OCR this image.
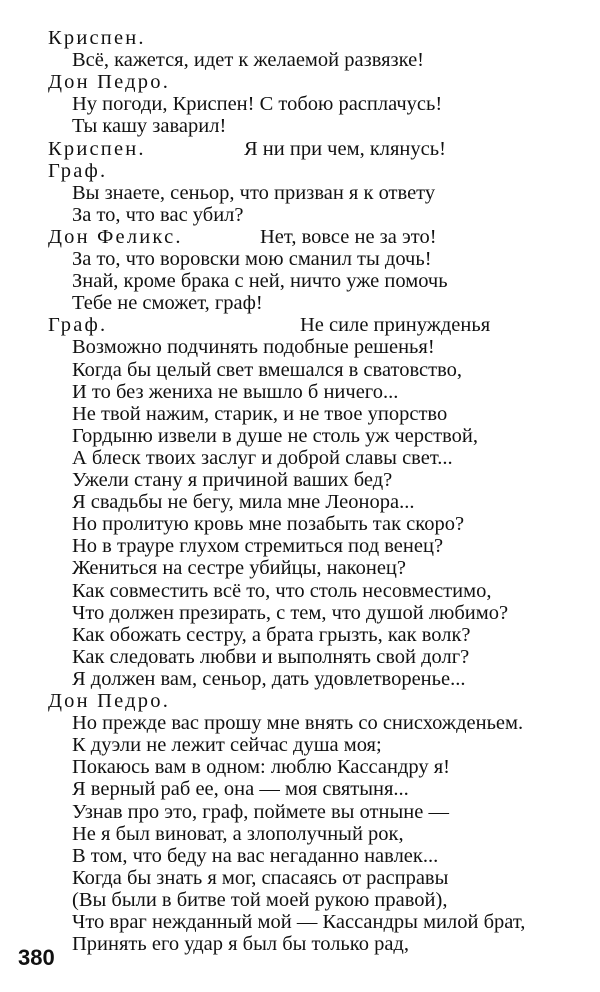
Криспен.
Всё, кажется, идет к желаемой развязке!
Дон Педро.
Ну погоди, Криспен! С тобою расплачусь!
Ты кашу заварил!
Криспен.	Я ни при чем, клянусь!
Граф.
Вы знаете, сеньор, что призван я к ответу
За то, что вас убил?
Дон Феликс.	Нет, вовсе не за это!
За то, что воровски мою сманил ты дочь!
Знай, кроме брака с ней, ничто уже помочь
Тебе не сможет, граф!
Граф.	Не силе принужденья
Возможно подчинять подобные решенья!
Когда бы целый свет вмешался в сватовство,
И то без жениха не вышло б ничего...
Не твой нажим, старик, и не твое упорство
Гордыню извели в душе не столь уж черствой,
А блеск твоих заслуг и доброй славы свет...
Ужели стану я причиной ваших бед?
Я свадьбы не бегу, мила мне Леонора...
Но пролитую кровь мне позабыть так скоро?
Но в трауре глухом стремиться под венец?
Жениться на сестре убийцы, наконец?
Как совместить всё то, что столь несовместимо,
Что должен презирать, с тем, что душой любимо?
Как обожать сестру, а брата грызть, как волк?
Как следовать любви и выполнять свой долг?
Я должен вам, сеньор, дать удовлетворенье...
Дон Педро.
Но прежде вас прошу мне внять со снисхожденьем.
К дуэли не лежит сейчас душа моя;
Покаюсь вам в одном: люблю Кассандру я!
Я верный раб ее, она — моя святыня...
Узнав про это, граф, поймете вы отныне —
Не я был виноват, а злополучный рок,
В том, что беду на вас негаданно навлек...
Когда бы знать я мог, спасаясь от расправы
(Вы были в битве той моей рукою правой),
Что враг нежданный мой — Кассандры милой брат,
Принять его удар я был бы только рад,
380
